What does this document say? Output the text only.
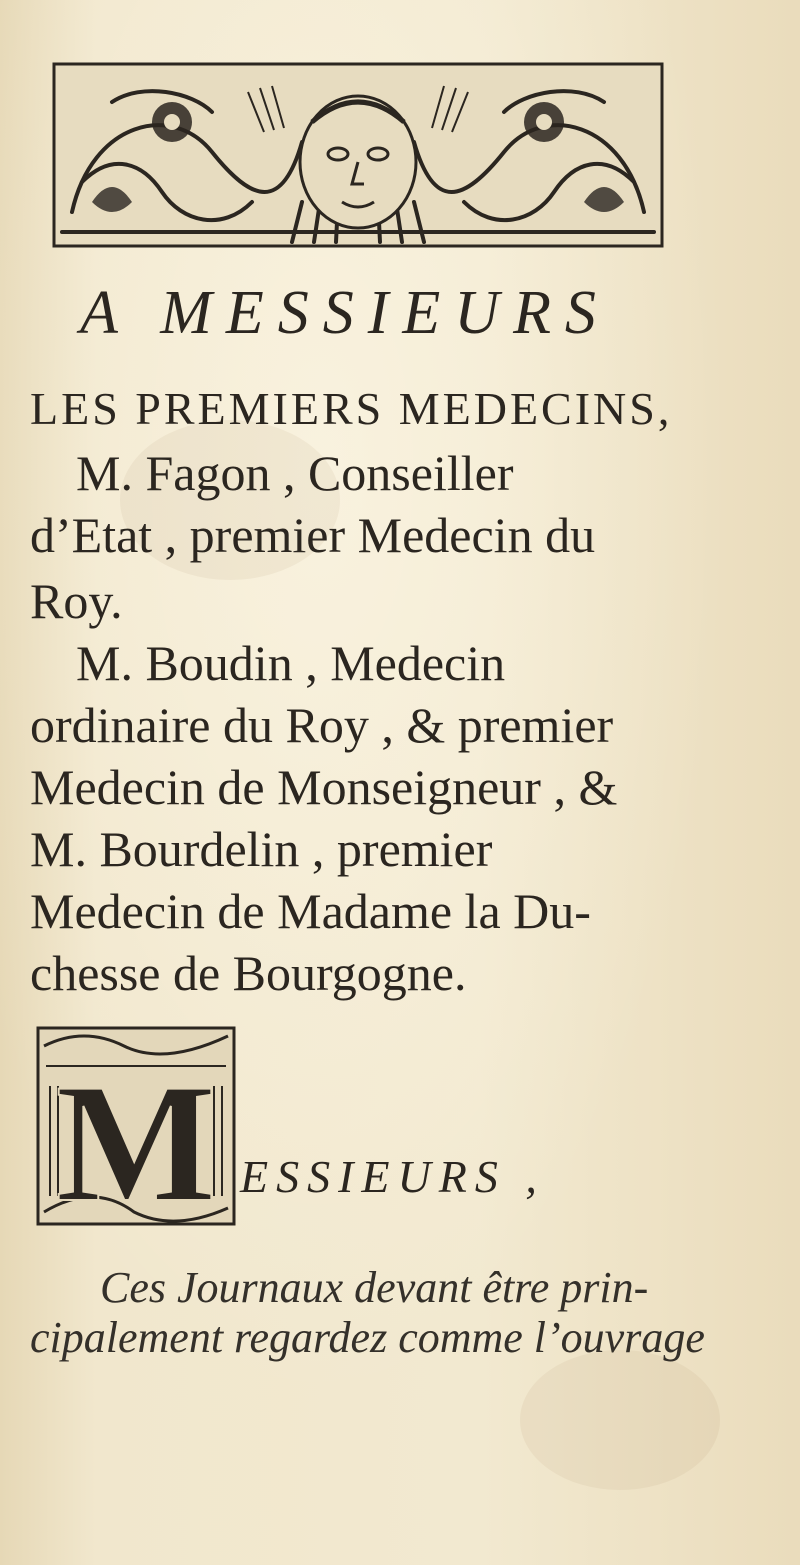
A MESSIEURS
LES PREMIERS MEDECINS,
M. Fagon , Conseiller
d’Etat , premier Medecin du
Roy.
M. Boudin , Medecin
ordinaire du Roy , & premier
Medecin de Monseigneur , &
M. Bourdelin , premier
Medecin de Madame la Du-
chesse de Bourgogne.
M ESSIEURS ,
Ces Journaux devant être prin-
cipalement regardez comme l’ouvrage
